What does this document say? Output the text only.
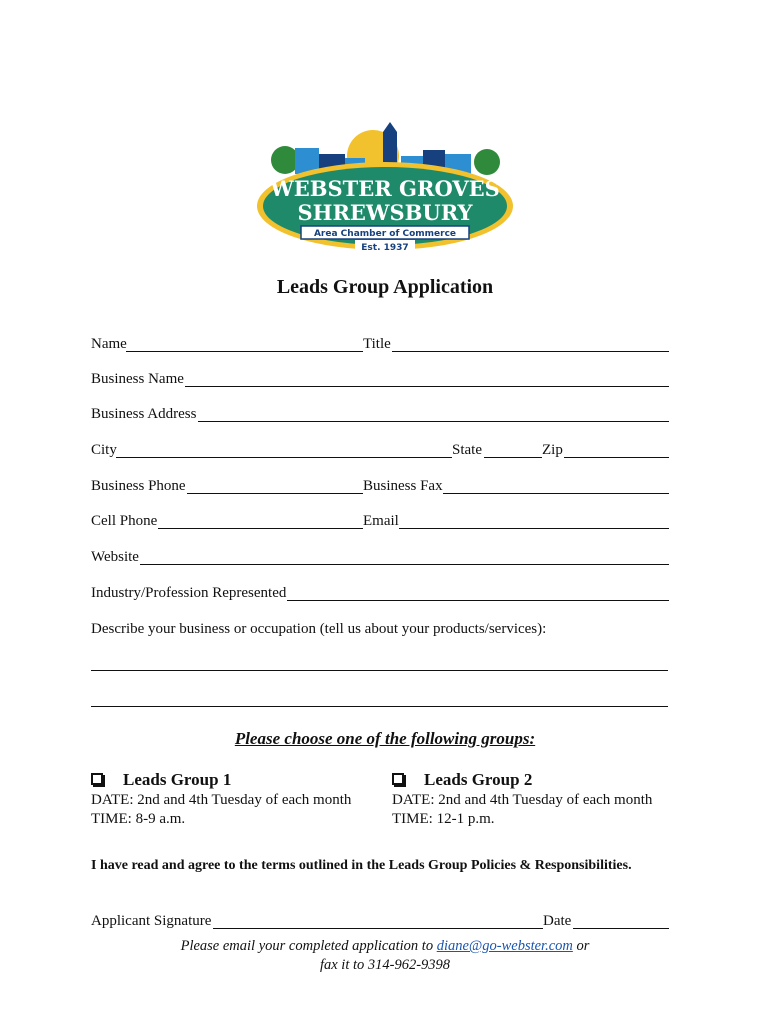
WEBSTER GROVES
SHREWSBURY
Area Chamber of Commerce
Est. 1937
Leads Group Application
Name	Title
Business Name
Business Address
City	State	Zip
Business Phone	Business Fax
Cell Phone	Email
Website
Industry/Profession Represented
Describe your business or occupation (tell us about your products/services):
Please choose one of the following groups:
Leads Group 1
DATE: 2nd and 4th Tuesday of each month
TIME: 8-9 a.m.
Leads Group 2
DATE: 2nd and 4th Tuesday of each month
TIME: 12-1 p.m.
I have read and agree to the terms outlined in the Leads Group Policies & Responsibilities.
Applicant Signature	Date
Please email your completed application to diane@go-webster.com or
fax it to 314-962-9398
